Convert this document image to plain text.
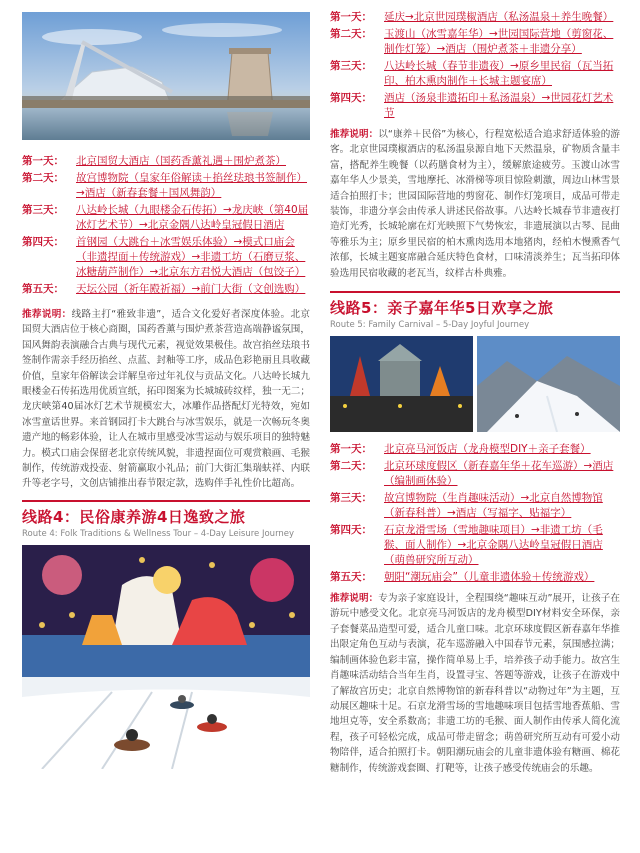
第一天：	北京国贸大酒店（国药香薰礼遇＋围炉煮茶）
第二天：	故宫博物院（皇家年俗解读＋掐丝珐琅书签制作）→酒店（新春套餐＋国风舞韵）
第三天：	八达岭长城（九眼楼金石传拓）→龙庆峡（第40届冰灯艺术节）→北京金隅八达岭皇冠假日酒店
第四天：	首钢园（大跳台＋冰雪娱乐体验）→模式口庙会（非遗捏面＋传统游戏）→非遗工坊（石磨豆浆、冰糖葫芦制作）→北京东方君悦大酒店（包饺子）
第五天：	天坛公园（祈年殿祈福）→前门大街（文创选购）

推荐说明：线路主打“雅致非遗”，适合文化爱好者深度体验。北京国贸大酒店位于核心商圈，国药香薰与围炉煮茶营造高端静谧氛围，国风舞韵表演融合古典与现代元素，视觉效果极佳。故宫掐丝珐琅书签制作需亲手经历掐丝、点蓝、封釉等工序，成品色彩艳丽且具收藏价值，皇家年俗解读会详解皇帝过年礼仪与贡品文化。八达岭长城九眼楼金石传拓选用优质宣纸，拓印图案为长城城砖纹样，独一无二；龙庆峡第40届冰灯艺术节规模宏大，冰雕作品搭配灯光特效，宛如冰雪童话世界。来首钢园打卡大跳台与冰雪娱乐，就是一次畅玩冬奥遗产地的畅彩体验，让人在城市里感受冰雪运动与娱乐项目的独特魅力。模式口庙会保留老北京传统风貌，非遗捏面位可观赏粮画、毛猴制作，传统游戏投壶、射箭赢取小礼品；前门大街汇集瑞蚨祥、内联升等老字号，文创店铺推出春节限定款，选购伴手礼性价比超高。

线路4：民俗康养游4日逸致之旅
Route 4: Folk Traditions & Wellness Tour – 4-Day Leisure Journey
第一天：	延庆→北京世园璞椒酒店（私汤温泉＋养生晚餐）
第二天：	玉渡山（冰雪嘉年华）→世园国际营地（剪窗花、制作灯笼）→酒店（围炉煮茶＋非遗分享）
第三天：	八达岭长城（春节非遗夜）→原乡里民宿（瓦当拓印、柏木熏肉制作＋长城主题宴席）
第四天：	酒店（汤泉非遗拓印＋私汤温泉）→世园花灯艺术节

推荐说明：以“康养＋民俗”为核心，行程宽松适合追求舒适体验的游客。北京世园璞椒酒店的私汤温泉源自地下天然温泉，矿物质含量丰富，搭配养生晚餐（以药膳食材为主），缓解旅途疲劳。玉渡山冰雪嘉年华人少景美，雪地摩托、冰滑梯等项目惊险刺激，周边山林雪景适合拍照打卡；世园国际营地的剪窗花、制作灯笼项目，成品可带走装饰，非遗分享会由传承人讲述民俗故事。八达岭长城春节非遗夜打造灯光秀，长城轮廓在灯光映照下气势恢宏，非遗展演以古琴、昆曲等雅乐为主；原乡里民宿的柏木熏肉选用本地猪肉，经柏木慢熏香气浓郁，长城主题宴席融合延庆特色食材，口味清淡养生；瓦当拓印体验选用民宿收藏的老瓦当，纹样古朴典雅。

线路5：亲子嘉年华5日欢享之旅
Route 5: Family Carnival – 5-Day Joyful Journey
第一天：	北京亮马河饭店（龙舟模型DIY＋亲子套餐）
第二天：	北京环球度假区（新春嘉年华＋花车巡游）→酒店（编制画体验）
第三天：	故宫博物院（生肖趣味活动）→北京自然博物馆（新春科普）→酒店（写福字、贴福字）
第四天：	石京龙滑雪场（雪地趣味项目）→非遗工坊（毛猴、面人制作）→北京金隅八达岭皇冠假日酒店（萌兽研究所互动）
第五天：	朝阳“潮玩庙会”（儿童非遗体验＋传统游戏）

推荐说明：专为亲子家庭设计，全程围绕“趣味互动”展开，让孩子在游玩中感受文化。北京亮马河饭店的龙舟模型DIY材料安全环保，亲子套餐菜品造型可爱，适合儿童口味。北京环球度假区新春嘉年华推出限定角色互动与表演，花车巡游融入中国春节元素，氛围感拉满；编制画体验色彩丰富，操作简单易上手，培养孩子动手能力。故宫生肖趣味活动结合当年生肖，设置寻宝、答题等游戏，让孩子在游戏中了解故宫历史；北京自然博物馆的新春科普以“动物过年”为主题，互动展区趣味十足。石京龙滑雪场的雪地趣味项目包括雪地香蕉船、雪地坦克等，安全系数高；非遗工坊的毛猴、面人制作由传承人简化流程，孩子可轻松完成，成品可带走留念；萌兽研究所互动有可爱小动物陪伴，适合拍照打卡。朝阳潮玩庙会的儿童非遗体验有糖画、棉花糖制作，传统游戏套圈、打靶等，让孩子感受传统庙会的乐趣。
